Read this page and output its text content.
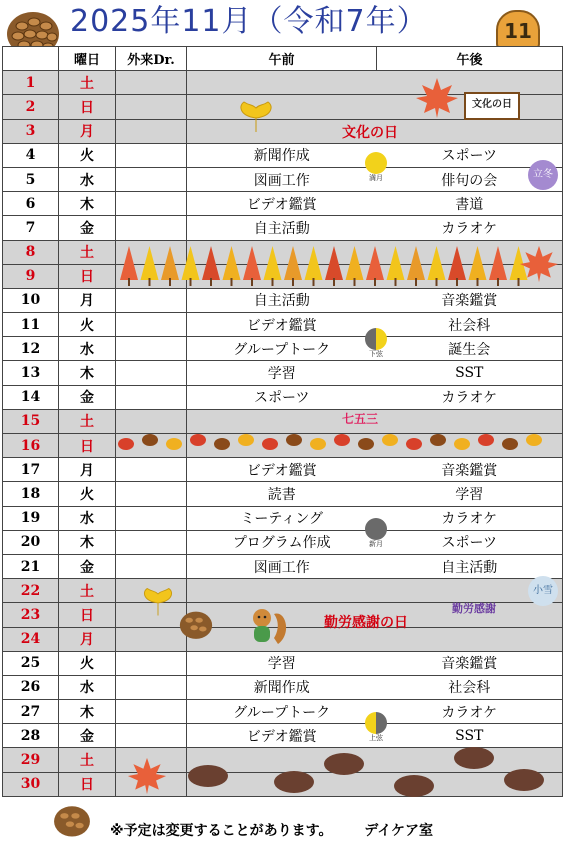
2025年11月（令和7年）	11
	曜日	外来Dr.	午前	午後
1	土			
2	日			
3	月			
4	火		新聞作成	スポーツ
5	水		図画工作	俳句の会
6	木		ビデオ鑑賞	書道
7	金		自主活動	カラオケ
8	土			
9	日			
10	月		自主活動	音楽鑑賞
11	火		ビデオ鑑賞	社会科
12	水		グループトーク	誕生会
13	木		学習	SST
14	金		スポーツ	カラオケ
15	土			
16	日			
17	月		ビデオ鑑賞	音楽鑑賞
18	火		読書	学習
19	水		ミーティング	カラオケ
20	木		プログラム作成	スポーツ
21	金		図画工作	自主活動
22	土			
23	日			
24	月			
25	火		学習	音楽鑑賞
26	水		新聞作成	社会科
27	木		グループトーク	カラオケ
28	金		ビデオ鑑賞	SST
29	土			
30	日			
文化の日
勤労感謝の日
満月
下弦
新月
上弦
文化の日
立冬
七五三
勤労感謝
小雪
※予定は変更することがあります。 デイケア室
